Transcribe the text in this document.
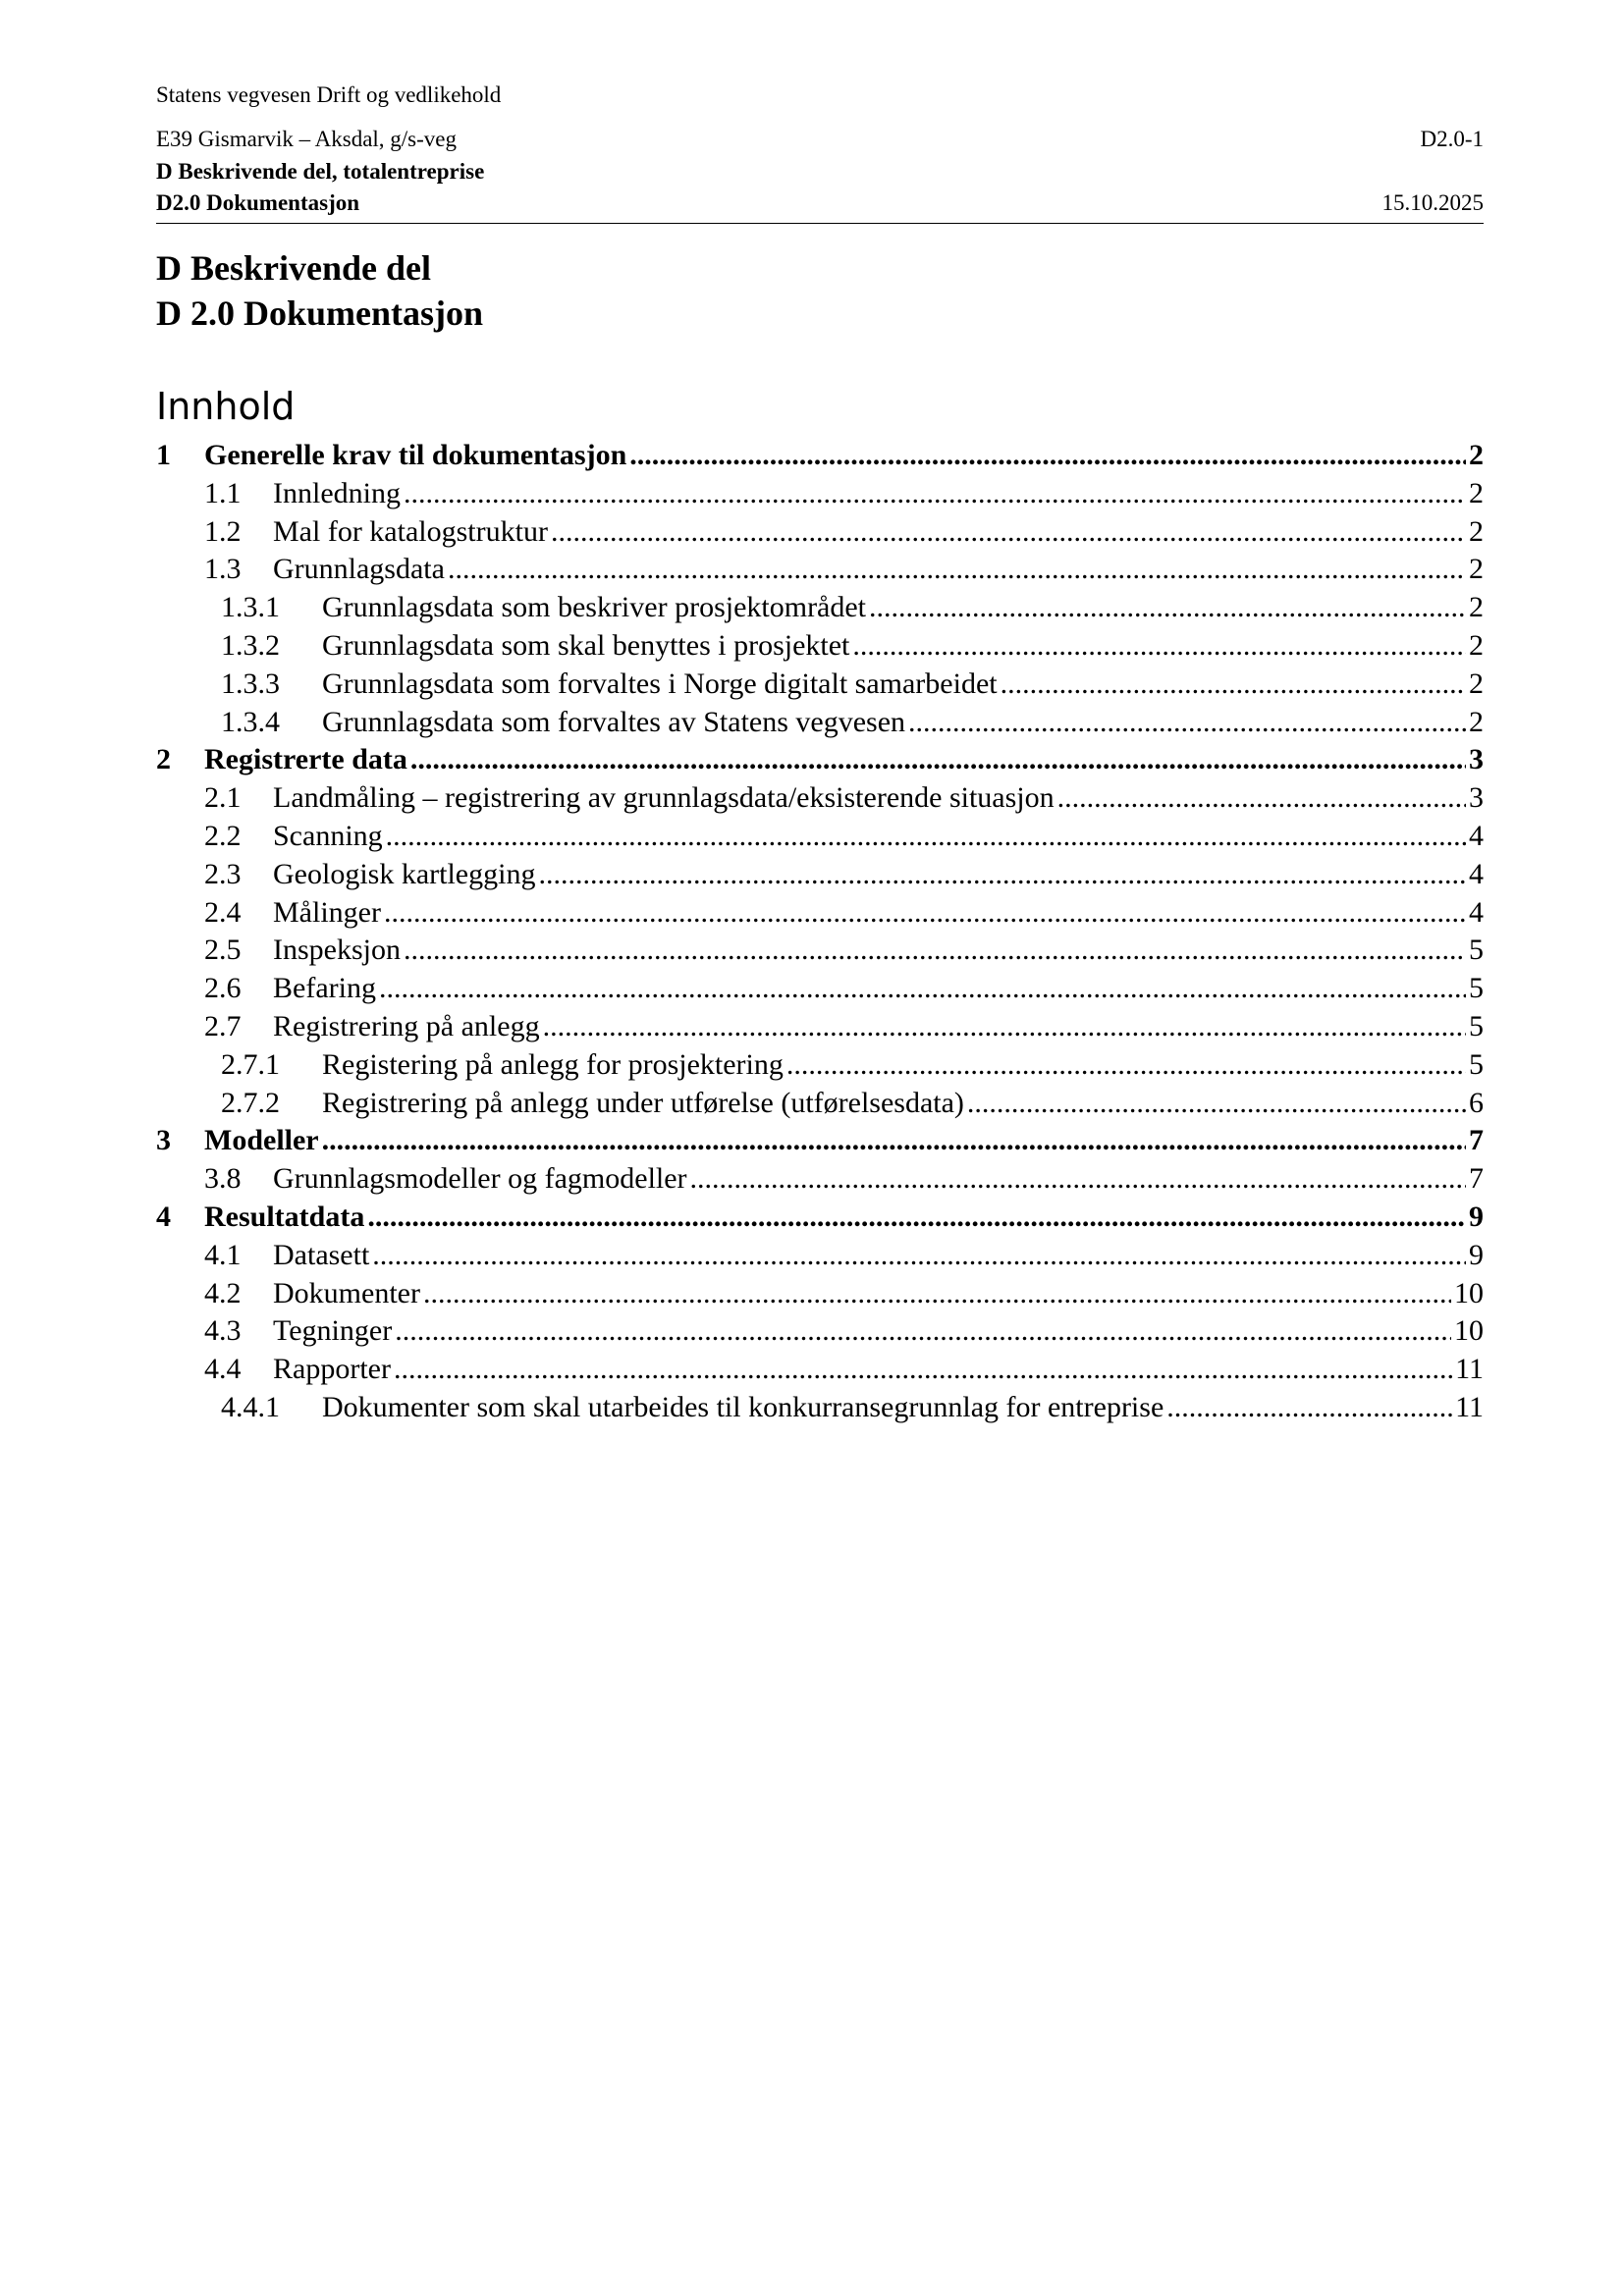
Statens vegvesen Drift og vedlikehold
E39 Gismarvik – Aksdal, g/s-veg	D2.0-1
D Beskrivende del, totalentreprise
D2.0 Dokumentasjon	15.10.2025
D Beskrivende del
D 2.0 Dokumentasjon
Innhold
1	Generelle krav til dokumentasjon .....	2
1.1	Innledning .....	2
1.2	Mal for katalogstruktur .....	2
1.3	Grunnlagsdata .....	2
1.3.1	Grunnlagsdata som beskriver prosjektområdet .....	2
1.3.2	Grunnlagsdata som skal benyttes i prosjektet .....	2
1.3.3	Grunnlagsdata som forvaltes i Norge digitalt samarbeidet .....	2
1.3.4	Grunnlagsdata som forvaltes av Statens vegvesen .....	2
2	Registrerte data .....	3
2.1	Landmåling – registrering av grunnlagsdata/eksisterende situasjon .....	3
2.2	Scanning .....	4
2.3	Geologisk kartlegging .....	4
2.4	Målinger .....	4
2.5	Inspeksjon .....	5
2.6	Befaring .....	5
2.7	Registrering på anlegg .....	5
2.7.1	Registering på anlegg for prosjektering .....	5
2.7.2	Registrering på anlegg under utførelse (utførelsesdata) .....	6
3	Modeller .....	7
3.8	Grunnlagsmodeller og fagmodeller .....	7
4	Resultatdata .....	9
4.1	Datasett .....	9
4.2	Dokumenter .....	10
4.3	Tegninger .....	10
4.4	Rapporter .....	11
4.4.1	Dokumenter som skal utarbeides til konkurransegrunnlag for entreprise .....	11
